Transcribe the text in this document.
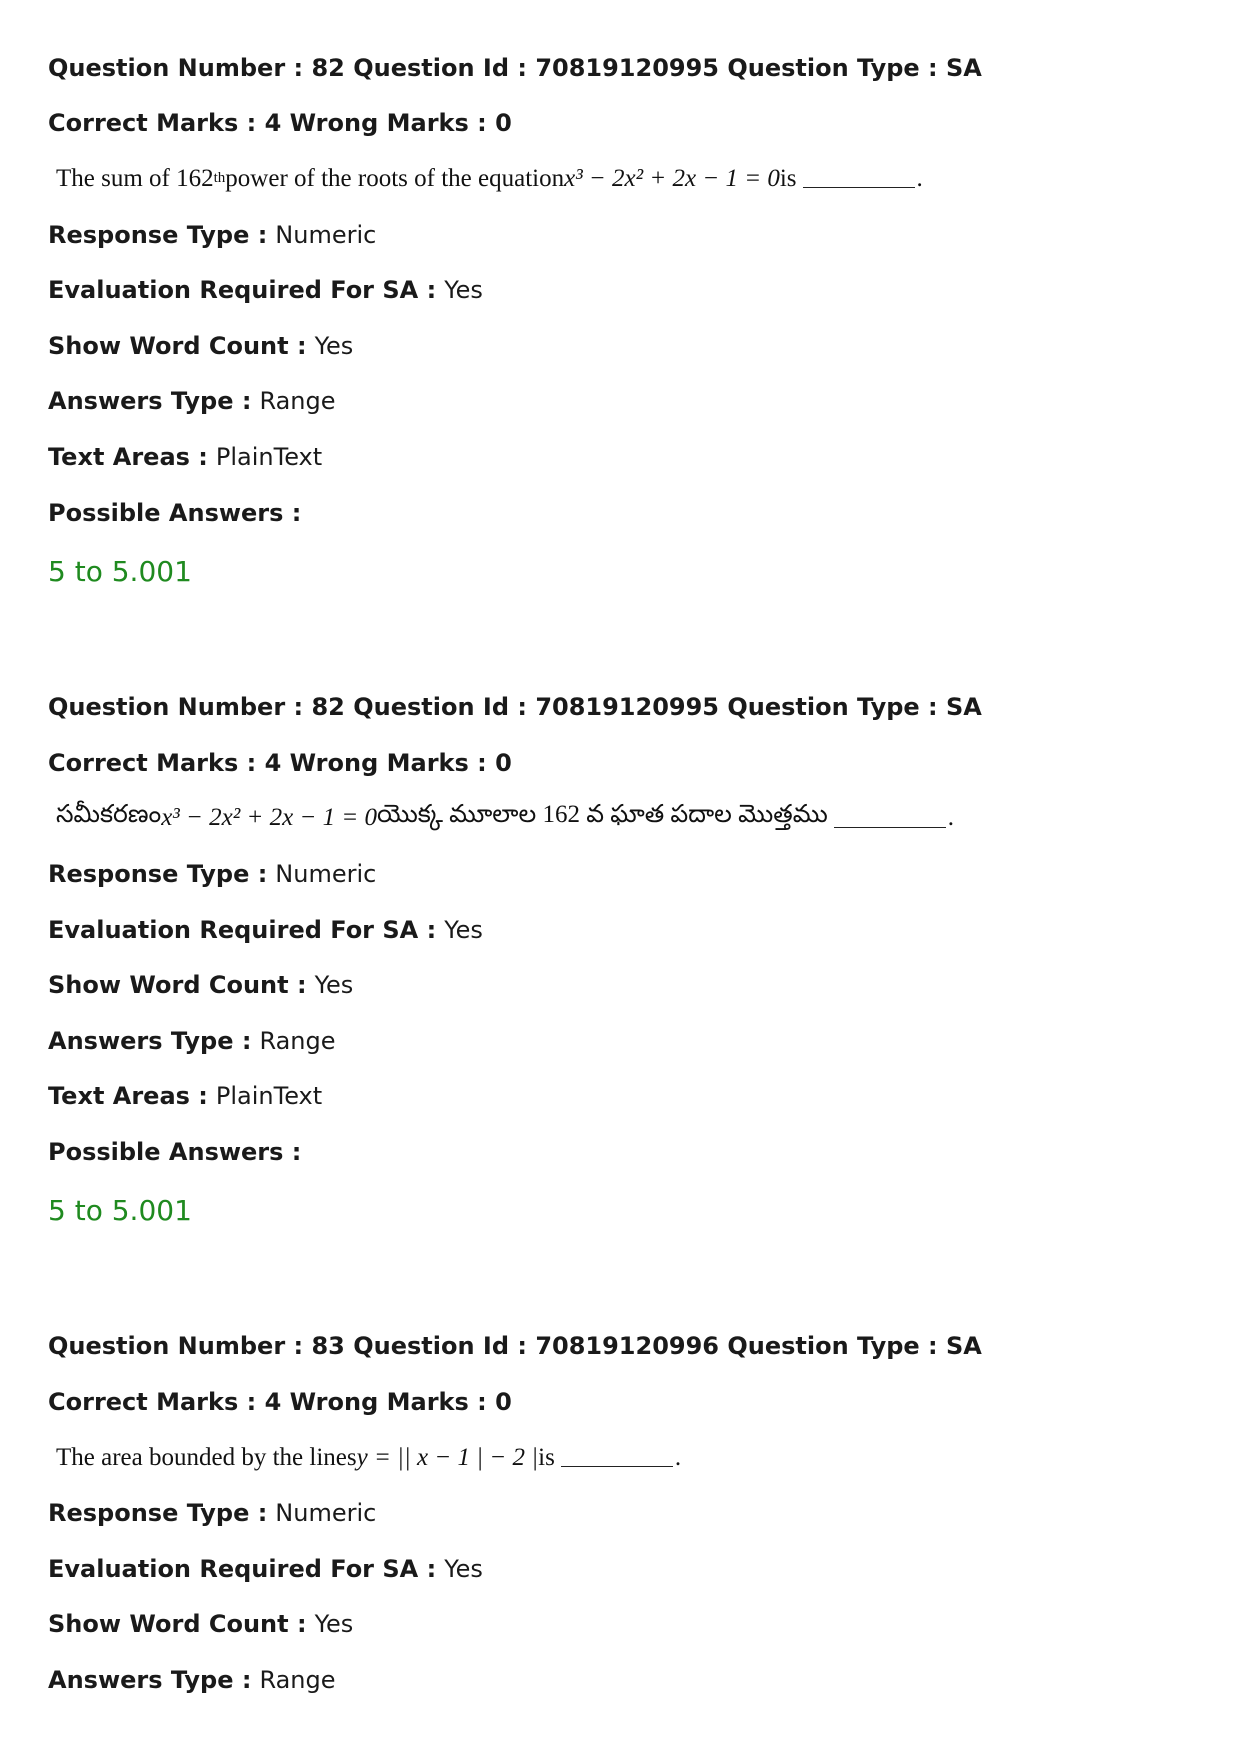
Question Number : 82 Question Id : 70819120995 Question Type : SA
Correct Marks : 4 Wrong Marks : 0
The sum of 162 th power of the roots of the equation x³ − 2x² + 2x − 1 = 0 is	.
Response Type : Numeric
Evaluation Required For SA : Yes
Show Word Count : Yes
Answers Type : Range
Text Areas : PlainText
Possible Answers :
5 to 5.001
Question Number : 82 Question Id : 70819120995 Question Type : SA
Correct Marks : 4 Wrong Marks : 0
సమీకరణం x³ − 2x² + 2x − 1 = 0 యొక్క మూలాల 162 వ ఘాత పదాల మొత్తము	.
Response Type : Numeric
Evaluation Required For SA : Yes
Show Word Count : Yes
Answers Type : Range
Text Areas : PlainText
Possible Answers :
5 to 5.001
Question Number : 83 Question Id : 70819120996 Question Type : SA
Correct Marks : 4 Wrong Marks : 0
The area bounded by the lines y = || x − 1 | − 2 | is	.
Response Type : Numeric
Evaluation Required For SA : Yes
Show Word Count : Yes
Answers Type : Range
